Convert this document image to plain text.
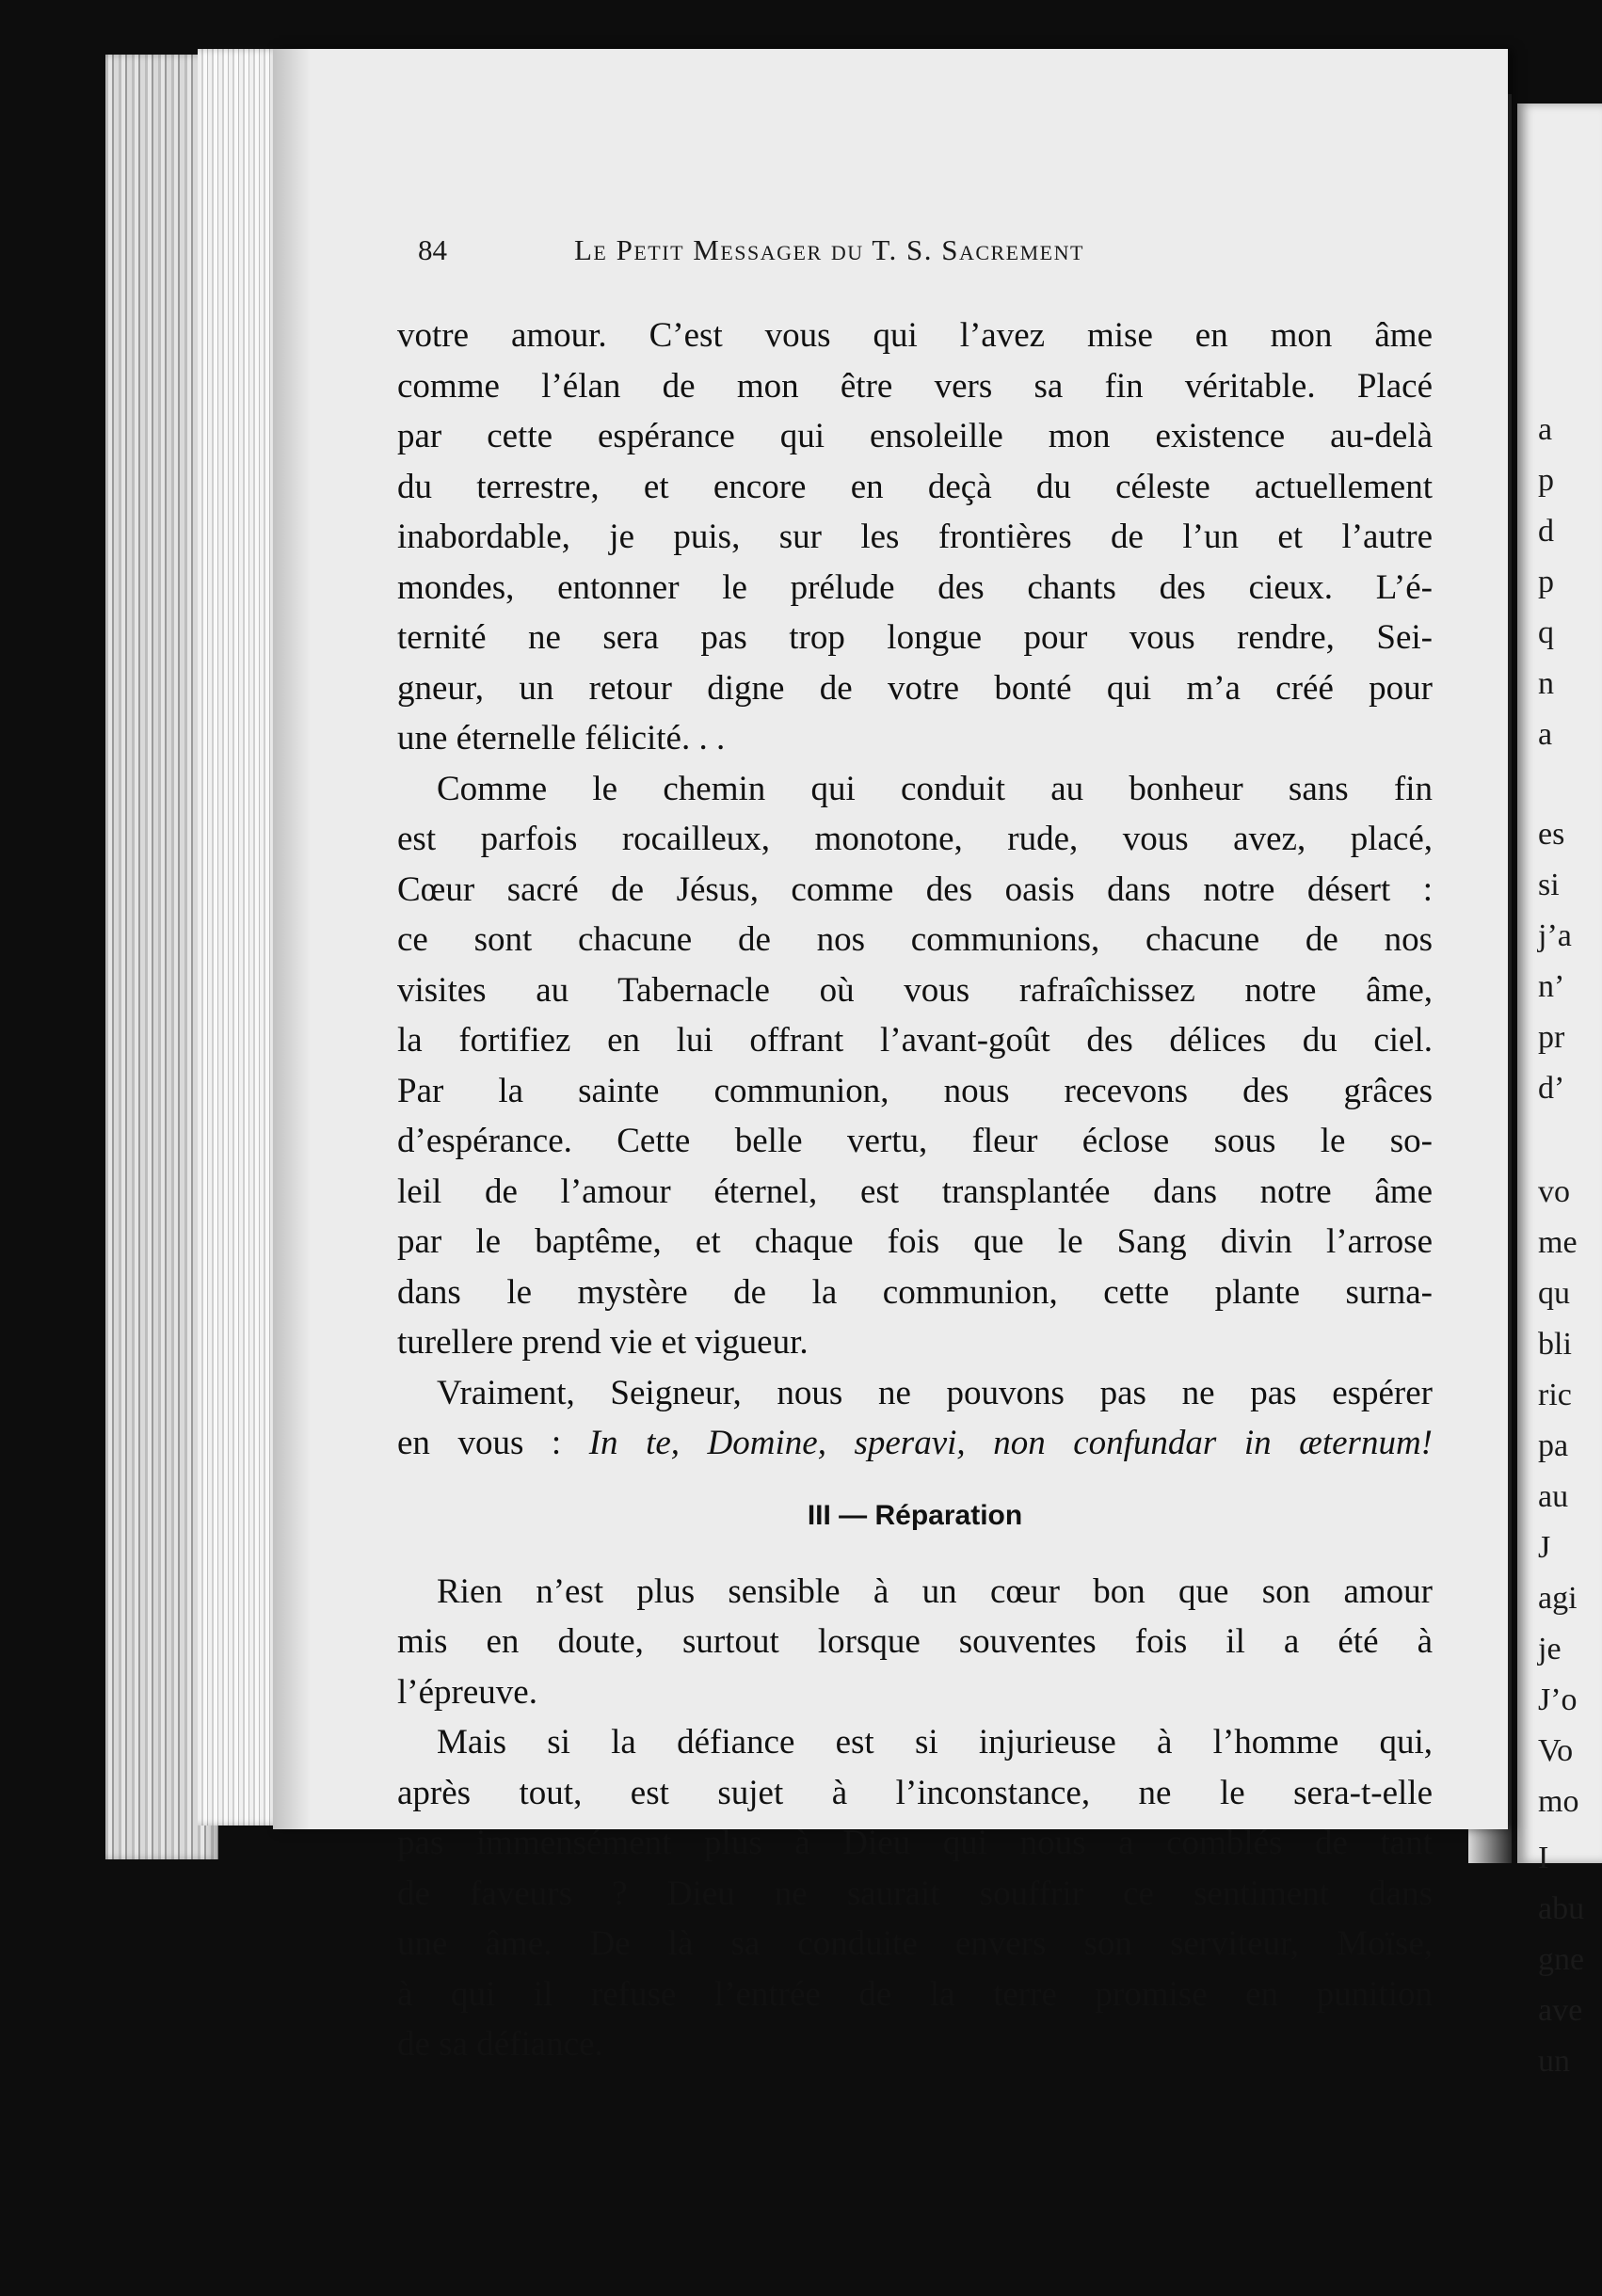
a
p
d
p
q
n
a
es
si
j’a
n’
pr
d’
vo
me
qu
bli
ric
pa
au
J
agi
je
J’o
Vo
mo
I
abu
gne
ave
un
84	Le Petit Messager du T. S. Sacrement

votre amour. C’est vous qui l’avez mise en mon âme
comme l’élan de mon être vers sa fin véritable. Placé
par cette espérance qui ensoleille mon existence au-delà
du terrestre, et encore en deçà du céleste actuellement
inabordable, je puis, sur les frontières de l’un et l’autre
mondes, entonner le prélude des chants des cieux. L’é-
ternité ne sera pas trop longue pour vous rendre, Sei-
gneur, un retour digne de votre bonté qui m’a créé pour
une éternelle félicité. . .

Comme le chemin qui conduit au bonheur sans fin
est parfois rocailleux, monotone, rude, vous avez, placé,
Cœur sacré de Jésus, comme des oasis dans notre désert :
ce sont chacune de nos communions, chacune de nos
visites au Tabernacle où vous rafraîchissez notre âme,
la fortifiez en lui offrant l’avant-goût des délices du ciel.
Par la sainte communion, nous recevons des grâces
d’espérance. Cette belle vertu, fleur éclose sous le so-
leil de l’amour éternel, est transplantée dans notre âme
par le baptême, et chaque fois que le Sang divin l’arrose
dans le mystère de la communion, cette plante surna-
turellere prend vie et vigueur.

Vraiment, Seigneur, nous ne pouvons pas ne pas espérer
en vous : In te, Domine, speravi, non confundar in æternum!

III — Réparation

Rien n’est plus sensible à un cœur bon que son amour
mis en doute, surtout lorsque souventes fois il a été à
l’épreuve.

Mais si la défiance est si injurieuse à l’homme qui,
après tout, est sujet à l’inconstance, ne le sera-t-elle
pas immensément plus à Dieu qui nous a comblés de tant
de faveurs ? Dieu ne saurait souffrir ce sentiment dans
une âme. De là sa conduite envers son serviteur, Moïse,
à qui il refuse l’entrée de la terre promise en punition
de sa défiance.
